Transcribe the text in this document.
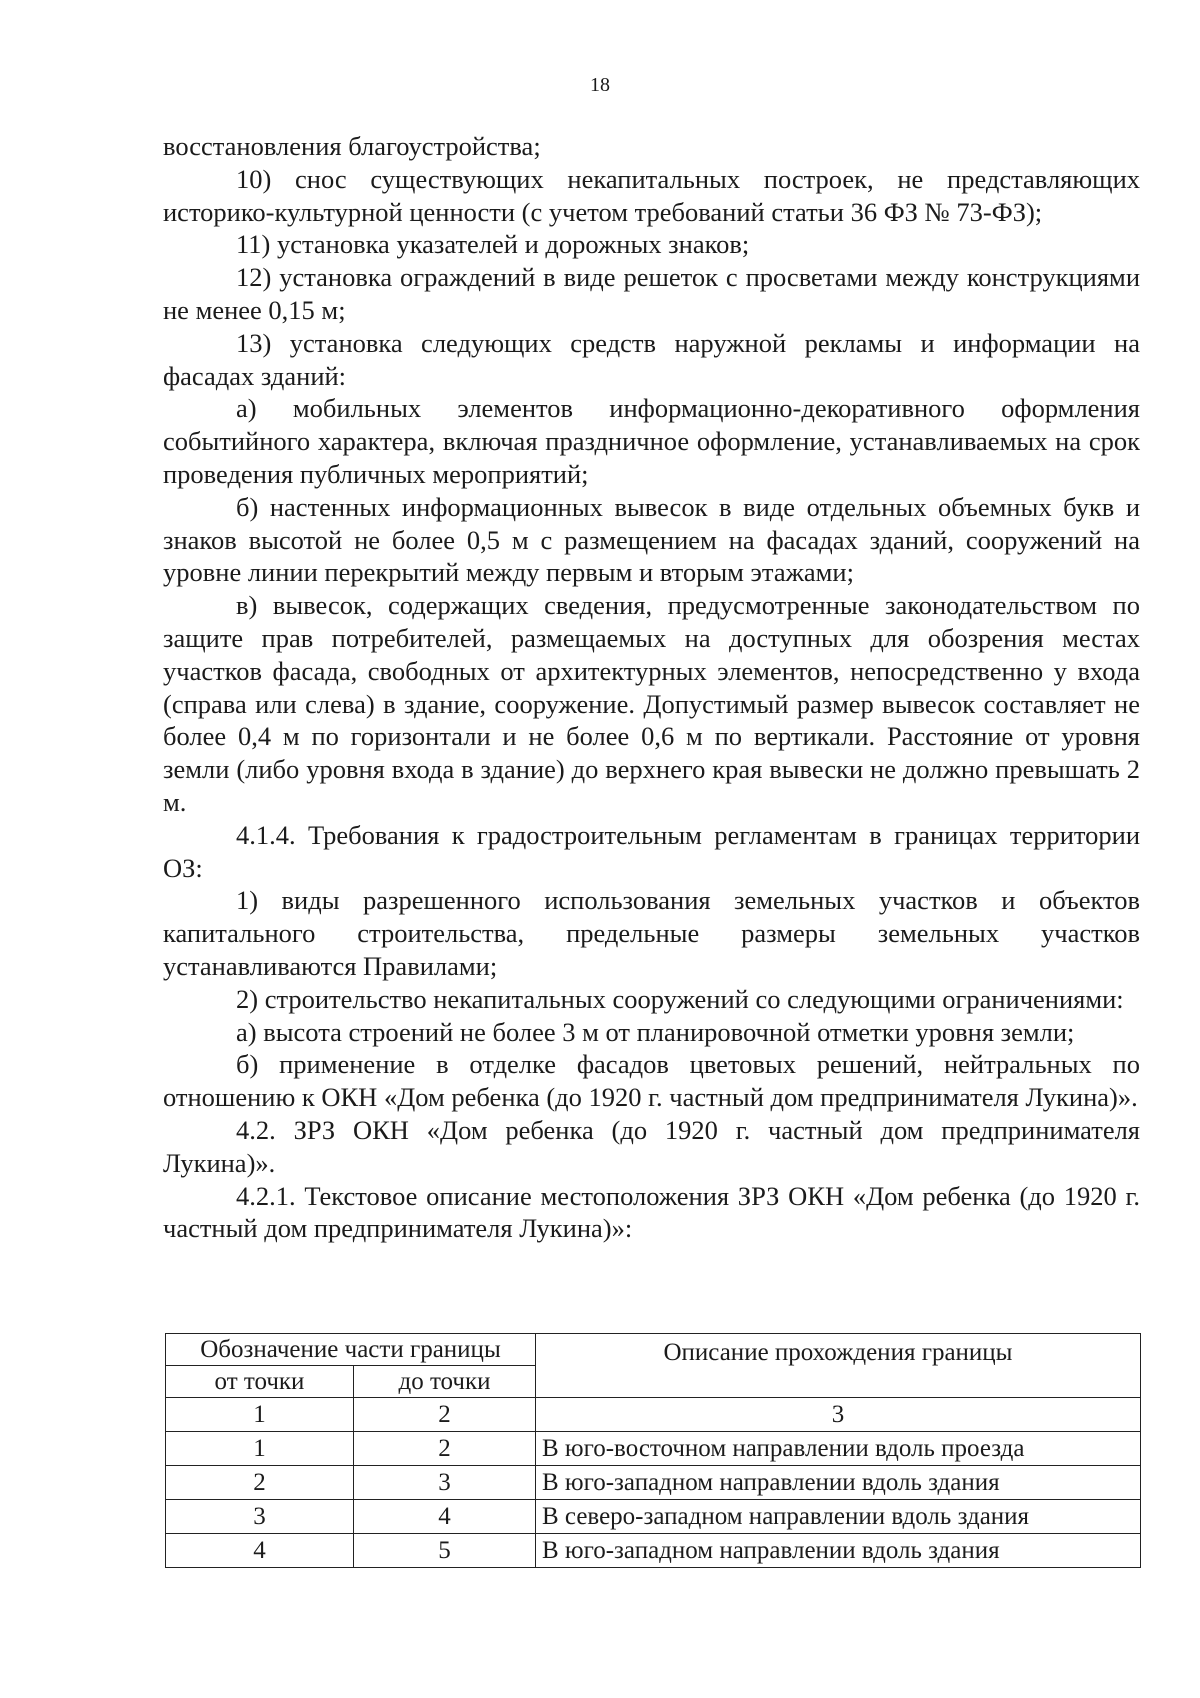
18

восстановления благоустройства;

10) снос существующих некапитальных построек, не представляющих историко-культурной ценности (с учетом требований статьи 36 ФЗ № 73-ФЗ);

11) установка указателей и дорожных знаков;

12) установка ограждений в виде решеток с просветами между конструкциями не менее 0,15 м;

13) установка следующих средств наружной рекламы и информации на фасадах зданий:

а) мобильных элементов информационно-декоративного оформления событийного характера, включая праздничное оформление, устанавливаемых на срок проведения публичных мероприятий;

б) настенных информационных вывесок в виде отдельных объемных букв и знаков высотой не более 0,5 м с размещением на фасадах зданий, сооружений на уровне линии перекрытий между первым и вторым этажами;

в) вывесок, содержащих сведения, предусмотренные законодательством по защите прав потребителей, размещаемых на доступных для обозрения местах участков фасада, свободных от архитектурных элементов, непосредственно у входа (справа или слева) в здание, сооружение. Допустимый размер вывесок составляет не более 0,4 м по горизонтали и не более 0,6 м по вертикали. Расстояние от уровня земли (либо уровня входа в здание) до верхнего края вывески не должно превышать 2 м.

4.1.4. Требования к градостроительным регламентам в границах территории ОЗ:

1) виды разрешенного использования земельных участков и объектов капитального строительства, предельные размеры земельных участков устанавливаются Правилами;

2) строительство некапитальных сооружений со следующими ограничениями:

а) высота строений не более 3 м от планировочной отметки уровня земли;

б) применение в отделке фасадов цветовых решений, нейтральных по отношению к ОКН «Дом ребенка (до 1920 г. частный дом предпринимателя Лукина)».

4.2. ЗРЗ ОКН «Дом ребенка (до 1920 г. частный дом предпринимателя Лукина)».

4.2.1. Текстовое описание местоположения ЗРЗ ОКН «Дом ребенка (до 1920 г. частный дом предпринимателя Лукина)»:

Обозначение части границы		Описание прохождения границы
от точки	до точки	
1	2	3
1	2	В юго-восточном направлении вдоль проезда
2	3	В юго-западном направлении вдоль здания
3	4	В северо-западном направлении вдоль здания
4	5	В юго-западном направлении вдоль здания
